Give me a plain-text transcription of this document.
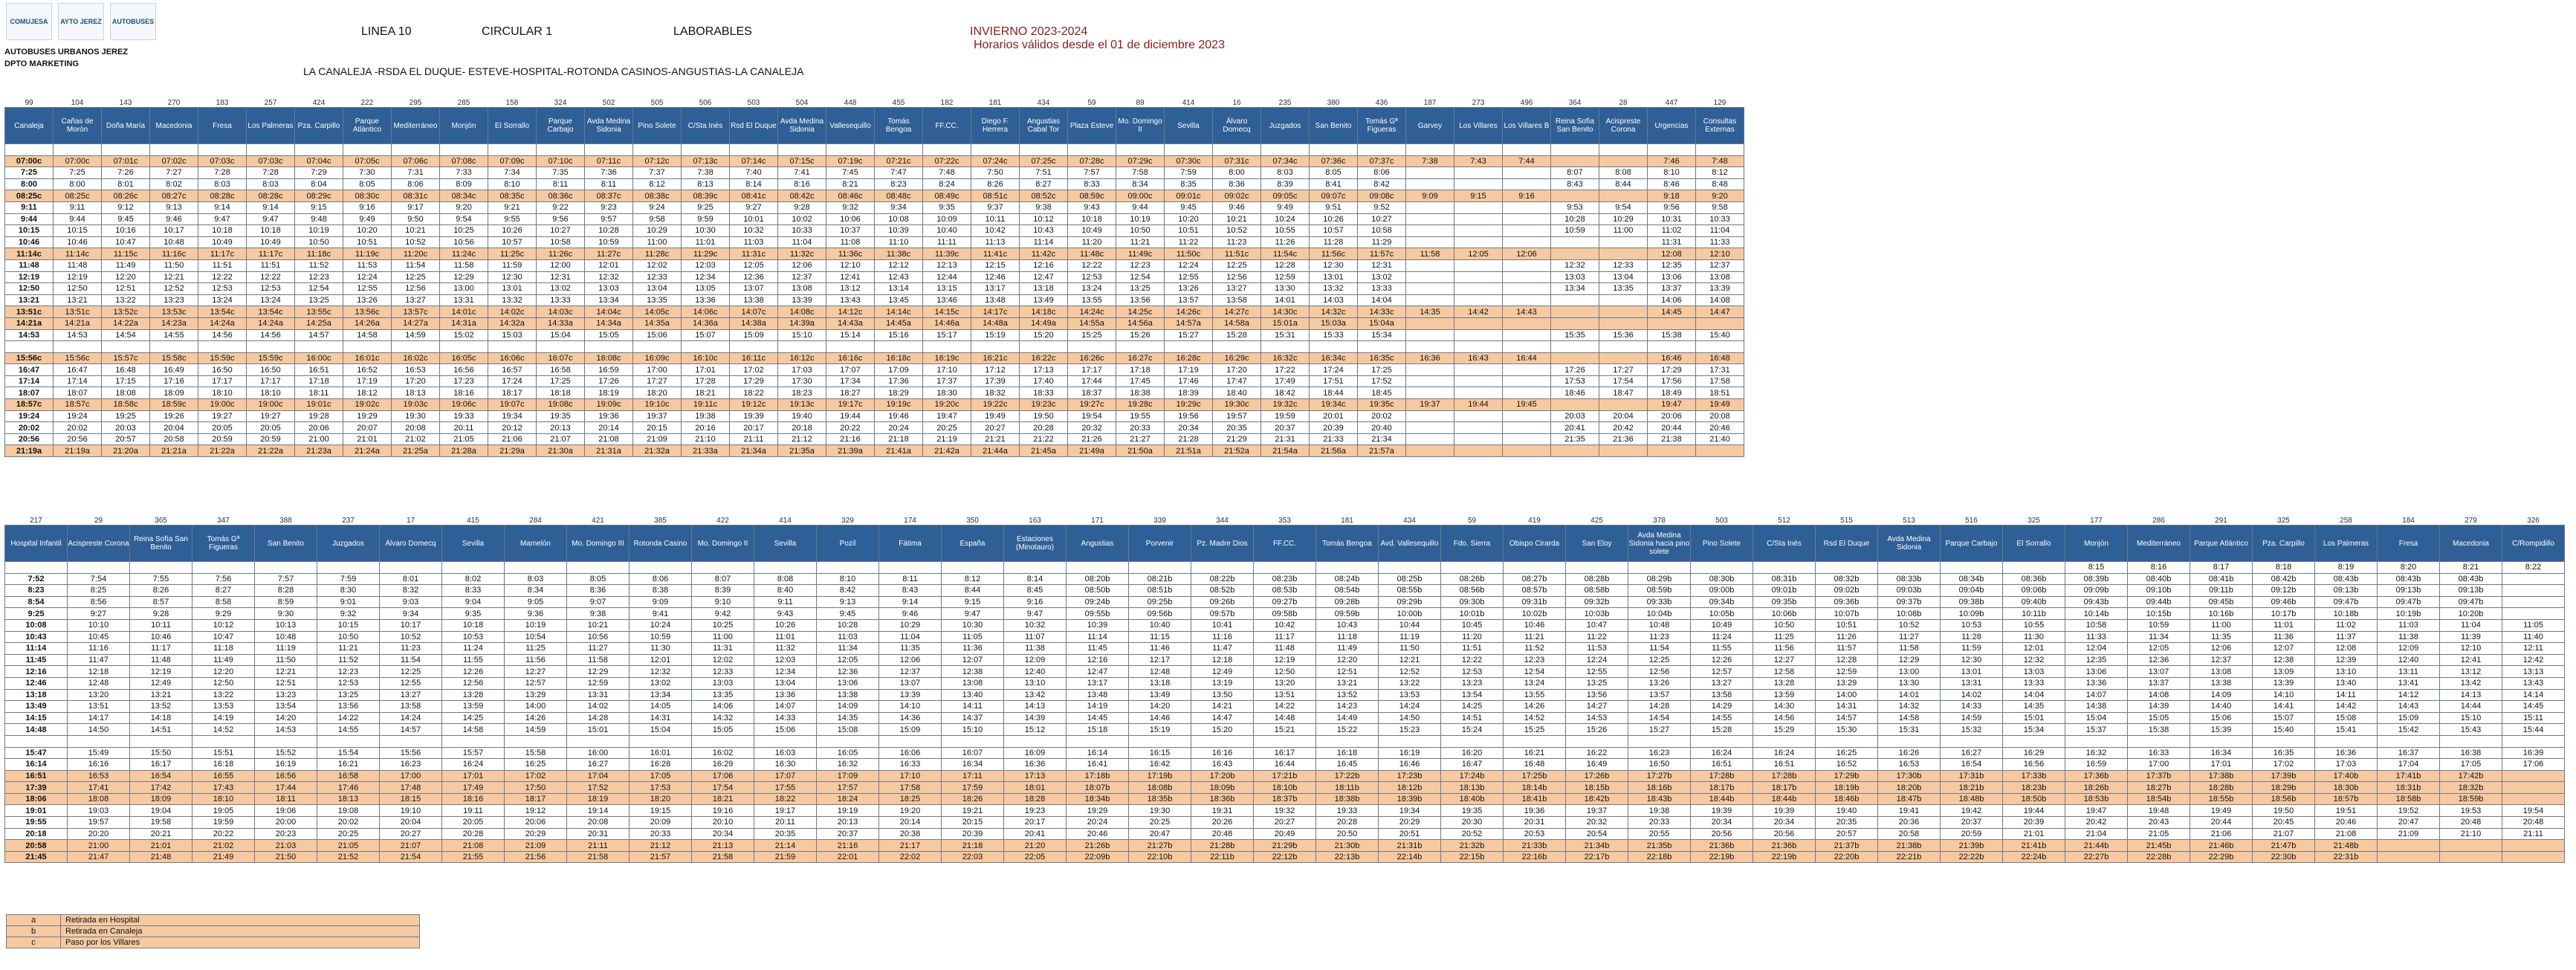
COMUJESA AYTO JEREZ AUTOBUSES
AUTOBUSES URBANOS JEREZ
DPTO MARKETING
LINEA 10	CIRCULAR 1	LABORABLES	INVIERNO 2023-2024
Horarios válidos desde el 01 de diciembre 2023
LA CANALEJA -RSDA EL DUQUE- ESTEVE-HOSPITAL-ROTONDA CASINOS-ANGUSTIAS-LA CANALEJA
99	104	143	270	183	257	424	222	295	285	158	324	502	505	506	503	504	448	455	182	181	434	59	89	414	16	235	380	436	187	273	496	364	28	447	129
Canaleja	Cañas de Morón	Doña María	Macedonia	Fresa	Los Palmeras	Pza. Carpillo	Parque Atlántico	Mediterráneo	Monjón	El Sorrallo	Parque Carbajo	Avda Medina Sidonia	Pino Solete	C/Sta Inés	Rsd El Duque	Avda Medina Sidonia	Vallesequillo	Tomás Bengoa	FF.CC.	Diego F. Herrera	Angustias Cabal Tor	Plaza Esteve	Mo. Domingo II	Sevilla	Álvaro Domecq	Juzgados	San Benito	Tomás Gª Figueras	Garvey	Los Villares	Los Villares B	Reina Sofía San Benito	Acispreste Corona	Urgencias	Consultas Externas

07:00c	07:00c	07:01c	07:02c	07:03c	07:03c	07:04c	07:05c	07:06c	07:08c	07:09c	07:10c	07:11c	07:12c	07:13c	07:14c	07:15c	07:19c	07:21c	07:22c	07:24c	07:25c	07:28c	07:29c	07:30c	07:31c	07:34c	07:36c	07:37c	7:38	7:43	7:44			7:46	7:48
7:25	7:25	7:26	7:27	7:28	7:28	7:29	7:30	7:31	7:33	7:34	7:35	7:36	7:37	7:38	7:40	7:41	7:45	7:47	7:48	7:50	7:51	7:57	7:58	7:59	8:00	8:03	8:05	8:06				8:07	8:08	8:10	8:12
8:00	8:00	8:01	8:02	8:03	8:03	8:04	8:05	8:06	8:09	8:10	8:11	8:11	8:12	8:13	8:14	8:16	8:21	8:23	8:24	8:26	8:27	8:33	8:34	8:35	8:36	8:39	8:41	8:42				8:43	8:44	8:46	8:48
08:25c	08:25c	08:26c	08:27c	08:28c	08:28c	08:29c	08:30c	08:31c	08:34c	08:35c	08:36c	08:37c	08:38c	08:39c	08:41c	08:42c	08:46c	08:48c	08:49c	08:51c	08:52c	08:59c	09:00c	09:01c	09:02c	09:05c	09:07c	09:08c	9:09	9:15	9:16			9:18	9:20
9:11	9:11	9:12	9:13	9:14	9:14	9:15	9:16	9:17	9:20	9:21	9:22	9:23	9:24	9:25	9:27	9:28	9:32	9:34	9:35	9:37	9:38	9:43	9:44	9:45	9:46	9:49	9:51	9:52				9:53	9:54	9:56	9:58
9:44	9:44	9:45	9:46	9:47	9:47	9:48	9:49	9:50	9:54	9:55	9:56	9:57	9:58	9:59	10:01	10:02	10:06	10:08	10:09	10:11	10:12	10:18	10:19	10:20	10:21	10:24	10:26	10:27				10:28	10:29	10:31	10:33
10:15	10:15	10:16	10:17	10:18	10:18	10:19	10:20	10:21	10:25	10:26	10:27	10:28	10:29	10:30	10:32	10:33	10:37	10:39	10:40	10:42	10:43	10:49	10:50	10:51	10:52	10:55	10:57	10:58				10:59	11:00	11:02	11:04
10:46	10:46	10:47	10:48	10:49	10:49	10:50	10:51	10:52	10:56	10:57	10:58	10:59	11:00	11:01	11:03	11:04	11:08	11:10	11:11	11:13	11:14	11:20	11:21	11:22	11:23	11:26	11:28	11:29						11:31	11:33
11:14c	11:14c	11:15c	11:16c	11:17c	11:17c	11:18c	11:19c	11:20c	11:24c	11:25c	11:26c	11:27c	11:28c	11:29c	11:31c	11:32c	11:36c	11:38c	11:39c	11:41c	11:42c	11:48c	11:49c	11:50c	11:51c	11:54c	11:56c	11:57c	11:58	12:05	12:06			12:08	12:10
11:48	11:48	11:49	11:50	11:51	11:51	11:52	11:53	11:54	11:58	11:59	12:00	12:01	12:02	12:03	12:05	12:06	12:10	12:12	12:13	12:15	12:16	12:22	12:23	12:24	12:25	12:28	12:30	12:31				12:32	12:33	12:35	12:37
12:19	12:19	12:20	12:21	12:22	12:22	12:23	12:24	12:25	12:29	12:30	12:31	12:32	12:33	12:34	12:36	12:37	12:41	12:43	12:44	12:46	12:47	12:53	12:54	12:55	12:56	12:59	13:01	13:02				13:03	13:04	13:06	13:08
12:50	12:50	12:51	12:52	12:53	12:53	12:54	12:55	12:56	13:00	13:01	13:02	13:03	13:04	13:05	13:07	13:08	13:12	13:14	13:15	13:17	13:18	13:24	13:25	13:26	13:27	13:30	13:32	13:33				13:34	13:35	13:37	13:39
13:21	13:21	13:22	13:23	13:24	13:24	13:25	13:26	13:27	13:31	13:32	13:33	13:34	13:35	13:36	13:38	13:39	13:43	13:45	13:46	13:48	13:49	13:55	13:56	13:57	13:58	14:01	14:03	14:04						14:06	14:08
13:51c	13:51c	13:52c	13:53c	13:54c	13:54c	13:55c	13:56c	13:57c	14:01c	14:02c	14:03c	14:04c	14:05c	14:06c	14:07c	14:08c	14:12c	14:14c	14:15c	14:17c	14:18c	14:24c	14:25c	14:26c	14:27c	14:30c	14:32c	14:33c	14:35	14:42	14:43			14:45	14:47
14:21a	14:21a	14:22a	14:23a	14:24a	14:24a	14:25a	14:26a	14:27a	14:31a	14:32a	14:33a	14:34a	14:35a	14:36a	14:38a	14:39a	14:43a	14:45a	14:46a	14:48a	14:49a	14:55a	14:56a	14:57a	14:58a	15:01a	15:03a	15:04a							
14:53	14:53	14:54	14:55	14:56	14:56	14:57	14:58	14:59	15:02	15:03	15:04	15:05	15:06	15:07	15:09	15:10	15:14	15:16	15:17	15:19	15:20	15:25	15:26	15:27	15:28	15:31	15:33	15:34				15:35	15:36	15:38	15:40

15:56c	15:56c	15:57c	15:58c	15:59c	15:59c	16:00c	16:01c	16:02c	16:05c	16:06c	16:07c	16:08c	16:09c	16:10c	16:11c	16:12c	16:16c	16:18c	16:19c	16:21c	16:22c	16:26c	16:27c	16:28c	16:29c	16:32c	16:34c	16:35c	16:36	16:43	16:44			16:46	16:48
16:47	16:47	16:48	16:49	16:50	16:50	16:51	16:52	16:53	16:56	16:57	16:58	16:59	17:00	17:01	17:02	17:03	17:07	17:09	17:10	17:12	17:13	17:17	17:18	17:19	17:20	17:22	17:24	17:25				17:26	17:27	17:29	17:31
17:14	17:14	17:15	17:16	17:17	17:17	17:18	17:19	17:20	17:23	17:24	17:25	17:26	17:27	17:28	17:29	17:30	17:34	17:36	17:37	17:39	17:40	17:44	17:45	17:46	17:47	17:49	17:51	17:52				17:53	17:54	17:56	17:58
18:07	18:07	18:08	18:09	18:10	18:10	18:11	18:12	18:13	18:16	18:17	18:18	18:19	18:20	18:21	18:22	18:23	18:27	18:29	18:30	18:32	18:33	18:37	18:38	18:39	18:40	18:42	18:44	18:45				18:46	18:47	18:49	18:51
18:57c	18:57c	18:58c	18:59c	19:00c	19:00c	19:01c	19:02c	19:03c	19:06c	19:07c	19:08c	19:09c	19:10c	19:11c	19:12c	19:13c	19:17c	19:19c	19:20c	19:22c	19:23c	19:27c	19:28c	19:29c	19:30c	19:32c	19:34c	19:35c	19:37	19:44	19:45			19:47	19:49
19:24	19:24	19:25	19:26	19:27	19:27	19:28	19:29	19:30	19:33	19:34	19:35	19:36	19:37	19:38	19:39	19:40	19:44	19:46	19:47	19:49	19:50	19:54	19:55	19:56	19:57	19:59	20:01	20:02				20:03	20:04	20:06	20:08
20:02	20:02	20:03	20:04	20:05	20:05	20:06	20:07	20:08	20:11	20:12	20:13	20:14	20:15	20:16	20:17	20:18	20:22	20:24	20:25	20:27	20:28	20:32	20:33	20:34	20:35	20:37	20:39	20:40				20:41	20:42	20:44	20:46
20:56	20:56	20:57	20:58	20:59	20:59	21:00	21:01	21:02	21:05	21:06	21:07	21:08	21:09	21:10	21:11	21:12	21:16	21:18	21:19	21:21	21:22	21:26	21:27	21:28	21:29	21:31	21:33	21:34				21:35	21:36	21:38	21:40
21:19a	21:19a	21:20a	21:21a	21:22a	21:22a	21:23a	21:24a	21:25a	21:28a	21:29a	21:30a	21:31a	21:32a	21:33a	21:34a	21:35a	21:39a	21:41a	21:42a	21:44a	21:45a	21:49a	21:50a	21:51a	21:52a	21:54a	21:56a	21:57a							
217	29	365	347	388	237	17	415	284	421	385	422	414	329	174	350	163	171	339	344	353	181	434	59	419	425	378	503	512	515	513	516	325	177	286	291	325	258	184	279	326
Hospital Infantil	Acispreste Corona	Reina Sofía San Benito	Tomás Gª Figueras	San Benito	Juzgados	Álvaro Domecq	Sevilla	Mamelón	Mo. Domingo III	Rotonda Casino	Mo. Domingo II	Sevilla	Pozil	Fátima	España	Estaciones (Minotauro)	Angustias	Porvenir	Pz. Madre Dios	FF.CC.	Tomás Bengoa	Avd. Vallesequillo	Fdo. Sierra	Obispo Cirarda	San Eloy	Avda Medina Sidonia hacia pino solete	Pino Solete	C/Sta Inés	Rsd El Duque	Avda Medina Sidonia	Parque Carbajo	El Sorrallo	Monjón	Mediterráneo	Parque Atlántico	Pza. Carpillo	Los Palmeras	Fresa	Macedonia	C/Rompidillo
																																	8:15	8:16	8:17	8:18	8:19	8:20	8:21	8:22
7:52	7:54	7:55	7:56	7:57	7:59	8:01	8:02	8:03	8:05	8:06	8:07	8:08	8:10	8:11	8:12	8:14	08:20b	08:21b	08:22b	08:23b	08:24b	08:25b	08:26b	08:27b	08:28b	08:29b	08:30b	08:31b	08:32b	08:33b	08:34b	08:36b	08:39b	08:40b	08:41b	08:42b	08:43b	08:43b	08:43b	
8:23	8:25	8:26	8:27	8:28	8:30	8:32	8:33	8:34	8:36	8:38	8:39	8:40	8:42	8:43	8:44	8:45	08:50b	08:51b	08:52b	08:53b	08:54b	08:55b	08:56b	08:57b	08:58b	08:59b	09:00b	09:01b	09:02b	09:03b	09:04b	09:06b	09:09b	09:10b	09:11b	09:12b	09:13b	09:13b	09:13b	
8:54	8:56	8:57	8:58	8:59	9:01	9:03	9:04	9:05	9:07	9:09	9:10	9:11	9:13	9:14	9:15	9:16	09:24b	09:25b	09:26b	09:27b	09:28b	09:29b	09:30b	09:31b	09:32b	09:33b	09:34b	09:35b	09:36b	09:37b	09:38b	09:40b	09:43b	09:44b	09:45b	09:46b	09:47b	09:47b	09:47b	
9:25	9:27	9:28	9:29	9:30	9:32	9:34	9:35	9:36	9:38	9:41	9:42	9:43	9:45	9:46	9:47	9:47	09:55b	09:56b	09:57b	09:58b	09:59b	10:00b	10:01b	10:02b	10:03b	10:04b	10:05b	10:06b	10:07b	10:08b	10:09b	10:11b	10:14b	10:15b	10:16b	10:17b	10:18b	10:19b	10:20b	
10:08	10:10	10:11	10:12	10:13	10:15	10:17	10:18	10:19	10:21	10:24	10:25	10:26	10:28	10:29	10:30	10:32	10:39	10:40	10:41	10:42	10:43	10:44	10:45	10:46	10:47	10:48	10:49	10:50	10:51	10:52	10:53	10:55	10:58	10:59	11:00	11:01	11:02	11:03	11:04	11:05
10:43	10:45	10:46	10:47	10:48	10:50	10:52	10:53	10:54	10:56	10:59	11:00	11:01	11:03	11:04	11:05	11:07	11:14	11:15	11:16	11:17	11:18	11:19	11:20	11:21	11:22	11:23	11:24	11:25	11:26	11:27	11:28	11:30	11:33	11:34	11:35	11:36	11:37	11:38	11:39	11:40
11:14	11:16	11:17	11:18	11:19	11:21	11:23	11:24	11:25	11:27	11:30	11:31	11:32	11:34	11:35	11:36	11:38	11:45	11:46	11:47	11:48	11:49	11:50	11:51	11:52	11:53	11:54	11:55	11:56	11:57	11:58	11:59	12:01	12:04	12:05	12:06	12:07	12:08	12:09	12:10	12:11
11:45	11:47	11:48	11:49	11:50	11:52	11:54	11:55	11:56	11:58	12:01	12:02	12:03	12:05	12:06	12:07	12:09	12:16	12:17	12:18	12:19	12:20	12:21	12:22	12:23	12:24	12:25	12:26	12:27	12:28	12:29	12:30	12:32	12:35	12:36	12:37	12:38	12:39	12:40	12:41	12:42
12:16	12:18	12:19	12:20	12:21	12:23	12:25	12:26	12:27	12:29	12:32	12:33	12:34	12:36	12:37	12:38	12:40	12:47	12:48	12:49	12:50	12:51	12:52	12:53	12:54	12:55	12:56	12:57	12:58	12:59	13:00	13:01	13:03	13:06	13:07	13:08	13:09	13:10	13:11	13:12	13:13
12:46	12:48	12:49	12:50	12:51	12:53	12:55	12:56	12:57	12:59	13:02	13:03	13:04	13:06	13:07	13:08	13:10	13:17	13:18	13:19	13:20	13:21	13:22	13:23	13:24	13:25	13:26	13:27	13:28	13:29	13:30	13:31	13:33	13:36	13:37	13:38	13:39	13:40	13:41	13:42	13:43
13:18	13:20	13:21	13:22	13:23	13:25	13:27	13:28	13:29	13:31	13:34	13:35	13:36	13:38	13:39	13:40	13:42	13:48	13:49	13:50	13:51	13:52	13:53	13:54	13:55	13:56	13:57	13:58	13:59	14:00	14:01	14:02	14:04	14:07	14:08	14:09	14:10	14:11	14:12	14:13	14:14
13:49	13:51	13:52	13:53	13:54	13:56	13:58	13:59	14:00	14:02	14:05	14:06	14:07	14:09	14:10	14:11	14:13	14:19	14:20	14:21	14:22	14:23	14:24	14:25	14:26	14:27	14:28	14:29	14:30	14:31	14:32	14:33	14:35	14:38	14:39	14:40	14:41	14:42	14:43	14:44	14:45
14:15	14:17	14:18	14:19	14:20	14:22	14:24	14:25	14:26	14:28	14:31	14:32	14:33	14:35	14:36	14:37	14:39	14:45	14:46	14:47	14:48	14:49	14:50	14:51	14:52	14:53	14:54	14:55	14:56	14:57	14:58	14:59	15:01	15:04	15:05	15:06	15:07	15:08	15:09	15:10	15:11
14:48	14:50	14:51	14:52	14:53	14:55	14:57	14:58	14:59	15:01	15:04	15:05	15:06	15:08	15:09	15:10	15:12	15:18	15:19	15:20	15:21	15:22	15:23	15:24	15:25	15:26	15:27	15:28	15:29	15:30	15:31	15:32	15:34	15:37	15:38	15:39	15:40	15:41	15:42	15:43	15:44

15:47	15:49	15:50	15:51	15:52	15:54	15:56	15:57	15:58	16:00	16:01	16:02	16:03	16:05	16:06	16:07	16:09	16:14	16:15	16:16	16:17	16:18	16:19	16:20	16:21	16:22	16:23	16:24	16:24	16:25	16:26	16:27	16:29	16:32	16:33	16:34	16:35	16:36	16:37	16:38	16:39
16:14	16:16	16:17	16:18	16:19	16:21	16:23	16:24	16:25	16:27	16:28	16:29	16:30	16:32	16:33	16:34	16:36	16:41	16:42	16:43	16:44	16:45	16:46	16:47	16:48	16:49	16:50	16:51	16:51	16:52	16:53	16:54	16:56	16:59	17:00	17:01	17:02	17:03	17:04	17:05	17:06
16:51	16:53	16:54	16:55	16:56	16:58	17:00	17:01	17:02	17:04	17:05	17:06	17:07	17:09	17:10	17:11	17:13	17:18b	17:19b	17:20b	17:21b	17:22b	17:23b	17:24b	17:25b	17:26b	17:27b	17:28b	17:28b	17:29b	17:30b	17:31b	17:33b	17:36b	17:37b	17:38b	17:39b	17:40b	17:41b	17:42b	
17:39	17:41	17:42	17:43	17:44	17:46	17:48	17:49	17:50	17:52	17:53	17:54	17:55	17:57	17:58	17:59	18:01	18:07b	18:08b	18:09b	18:10b	18:11b	18:12b	18:13b	18:14b	18:15b	18:16b	18:17b	18:17b	18:19b	18:20b	18:21b	18:23b	18:26b	18:27b	18:28b	18:29b	18:30b	18:31b	18:32b	
18:06	18:08	18:09	18:10	18:11	18:13	18:15	18:16	18:17	18:19	18:20	18:21	18:22	18:24	18:25	18:26	18:28	18:34b	18:35b	18:36b	18:37b	18:38b	18:39b	18:40b	18:41b	18:42b	18:43b	18:44b	18:44b	18:46b	18:47b	18:48b	18:50b	18:53b	18:54b	18:55b	18:56b	18:57b	18:58b	18:59b	
19:01	19:03	19:04	19:05	19:06	19:08	19:10	19:11	19:12	19:14	19:15	19:16	19:17	19:19	19:20	19:21	19:23	19:29	19:30	19:31	19:32	19:33	19:34	19:35	19:36	19:37	19:38	19:39	19:39	19:40	19:41	19:42	19:44	19:47	19:48	19:49	19:50	19:51	19:52	19:53	19:54
19:55	19:57	19:58	19:59	20:00	20:02	20:04	20:05	20:06	20:08	20:09	20:10	20:11	20:13	20:14	20:15	20:17	20:24	20:25	20:26	20:27	20:28	20:29	20:30	20:31	20:32	20:33	20:34	20:34	20:35	20:36	20:37	20:39	20:42	20:43	20:44	20:45	20:46	20:47	20:48	20:48
20:18	20:20	20:21	20:22	20:23	20:25	20:27	20:28	20:29	20:31	20:33	20:34	20:35	20:37	20:38	20:39	20:41	20:46	20:47	20:48	20:49	20:50	20:51	20:52	20:53	20:54	20:55	20:56	20:56	20:57	20:58	20:59	21:01	21:04	21:05	21:06	21:07	21:08	21:09	21:10	21:11
20:58	21:00	21:01	21:02	21:03	21:05	21:07	21:08	21:09	21:11	21:12	21:13	21:14	21:16	21:17	21:18	21:20	21:26b	21:27b	21:28b	21:29b	21:30b	21:31b	21:32b	21:33b	21:34b	21:35b	21:36b	21:36b	21:37b	21:38b	21:39b	21:41b	21:44b	21:45b	21:46b	21:47b	21:48b			
21:45	21:47	21:48	21:49	21:50	21:52	21:54	21:55	21:56	21:58	21:57	21:58	21:59	22:01	22:02	22:03	22:05	22:09b	22:10b	22:11b	22:12b	22:13b	22:14b	22:15b	22:16b	22:17b	22:18b	22:19b	22:19b	22:20b	22:21b	22:22b	22:24b	22:27b	22:28b	22:29b	22:30b	22:31b			
a	Retirada en Hospital
b	Retirada en Canaleja
c	Paso por los Villares
